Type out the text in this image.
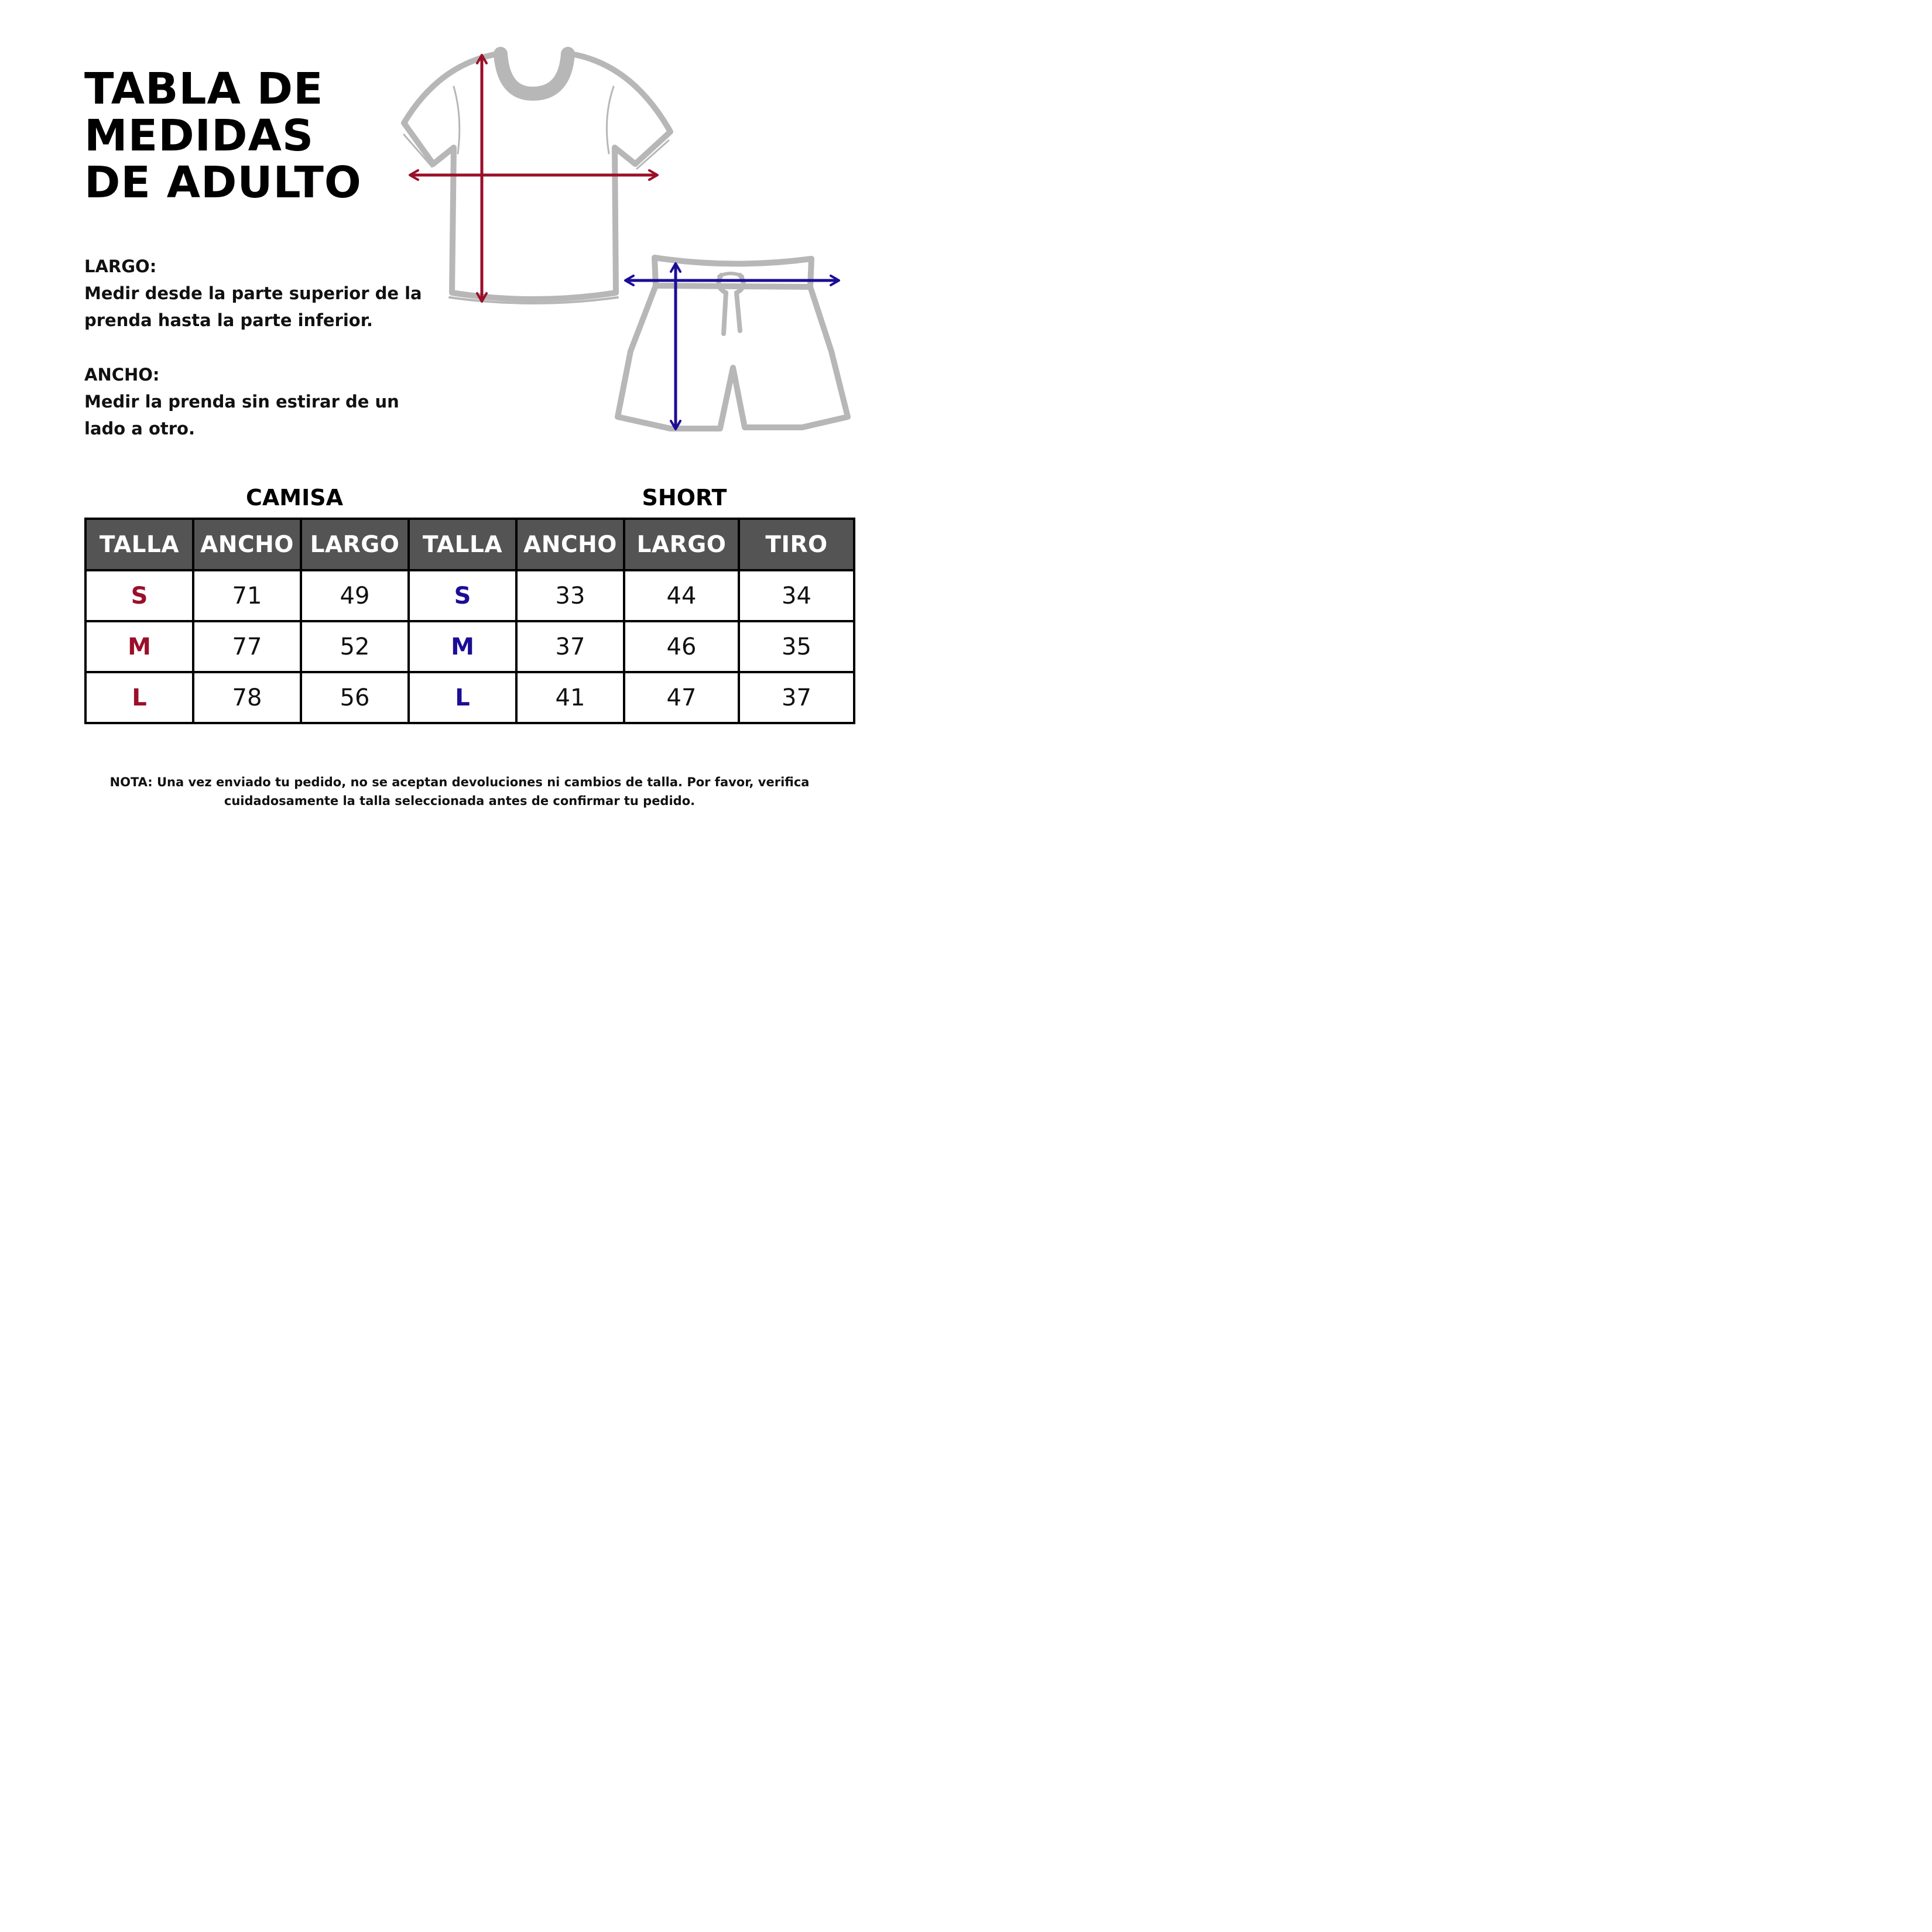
TABLA DE
MEDIDAS
DE ADULTO
LARGO:
Medir desde la parte superior de la prenda hasta la parte inferior.
ANCHO:
Medir la prenda sin estirar de un lado a otro.
CAMISA	SHORT
TALLA	ANCHO	LARGO	TALLA	ANCHO	LARGO	TIRO
S	71	49	S	33	44	34
M	77	52	M	37	46	35
L	78	56	L	41	47	37
NOTA: Una vez enviado tu pedido, no se aceptan devoluciones ni cambios de talla. Por favor, verifica cuidadosamente la talla seleccionada antes de confirmar tu pedido.
